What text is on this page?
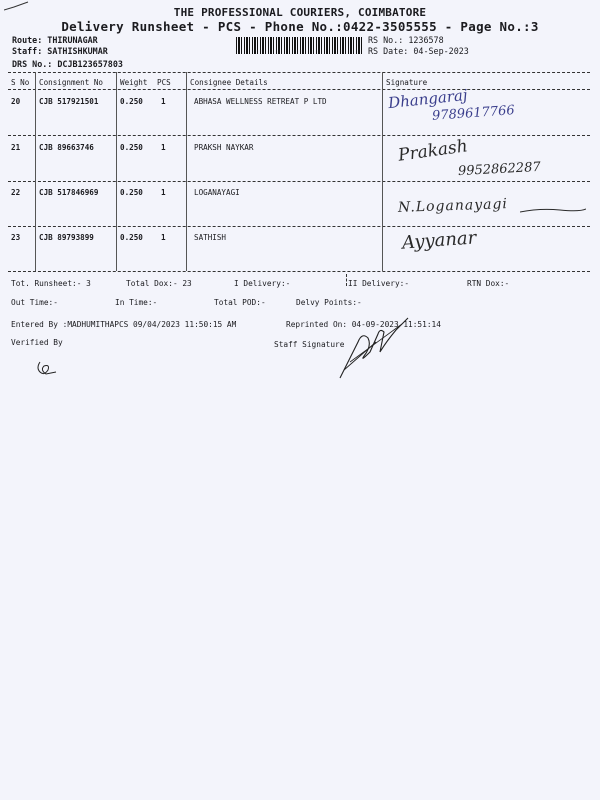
THE PROFESSIONAL COURIERS, COIMBATORE
Delivery Runsheet - PCS - Phone No.:0422-3505555 - Page No.:3
Route: THIRUNAGAR
Staff: SATHISHKUMAR
DRS No.: DCJB123657803
RS No.: 1236578
RS Date: 04-Sep-2023
S No Consignment No Weight PCS	Consignee Details	Signature
20 CJB 517921501	0.250 1	ABHASA WELLNESS RETREAT P LTD	Dhangaraj
9789617766
21 CJB 89663746	0.250 1	PRAKSH NAYKAR	Prakash
9952862287
22 CJB 517846969	0.250 1	LOGANAYAGI
N.Loganayagi
23 CJB 89793899	0.250 1	SATHISH	Ayyanar
Tot. Runsheet:- 3	Total Dox:- 23	I Delivery:-	II Delivery:-	RTN Dox:-
Out Time:-	In Time:-	Total POD:-	Delvy Points:-
Entered By :MADHUMITHAPCS 09/04/2023 11:50:15 AM	Reprinted On: 04-09-2023 11:51:14
Verified By	Staff Signature
